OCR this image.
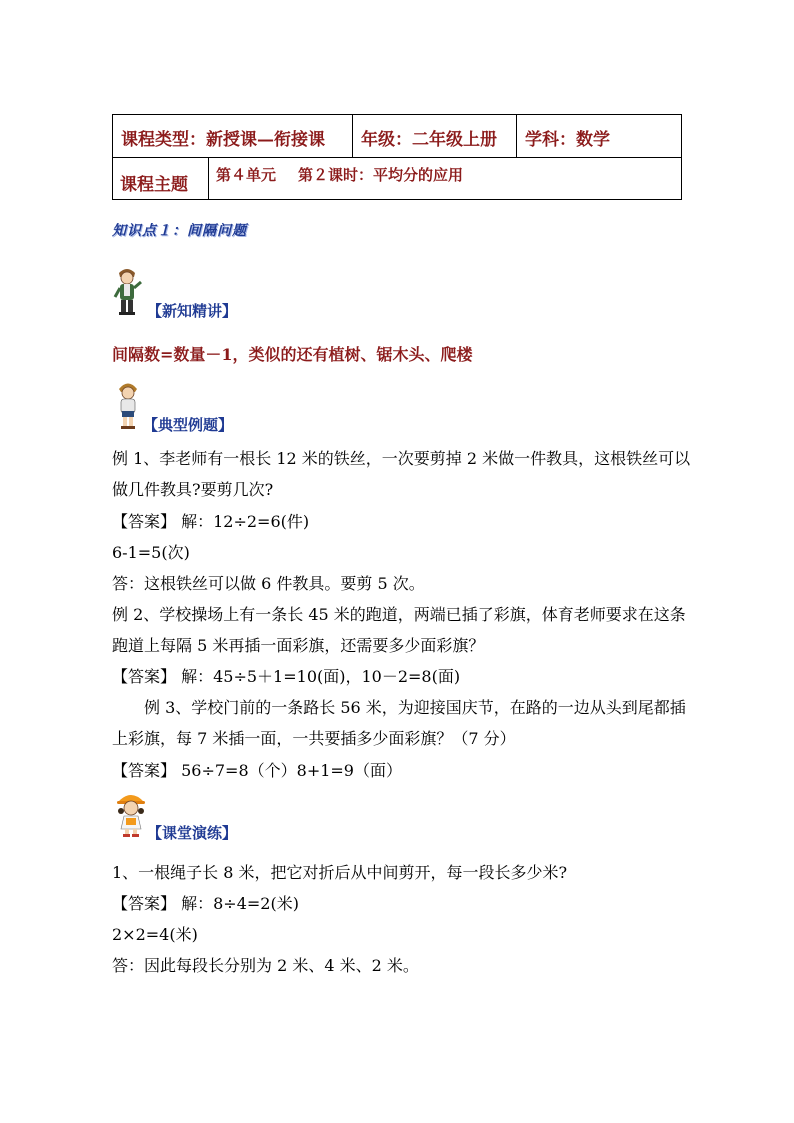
课程类型：新授课—衔接课	年级：二年级上册	学科：数学
课程主题	第４单元 第２课时：平均分的应用
知识点１：间隔问题
【新知精讲】
间隔数=数量－1，类似的还有植树、锯木头、爬楼
【典型例题】
例 1、李老师有一根长 12 米的铁丝，一次要剪掉 2 米做一件教具，这根铁丝可以
做几件教具?要剪几次?
【答案】 解：12÷2=6(件)
6-1=5(次)
答：这根铁丝可以做 6 件教具。要剪 5 次。
例 2、学校操场上有一条长 45 米的跑道，两端已插了彩旗，体育老师要求在这条
跑道上每隔 5 米再插一面彩旗，还需要多少面彩旗？
【答案】 解：45÷5＋1=10(面)，10－2=8(面)
例 3、学校门前的一条路长 56 米，为迎接国庆节，在路的一边从头到尾都插
上彩旗，每 7 米插一面，一共要插多少面彩旗？（7 分）
【答案】 56÷7=8（个）8+1=9（面）
【课堂演练】
1、一根绳子长 8 米，把它对折后从中间剪开，每一段长多少米?
【答案】 解：8÷4=2(米)
2×2=4(米)
答：因此每段长分别为 2 米、4 米、2 米。
